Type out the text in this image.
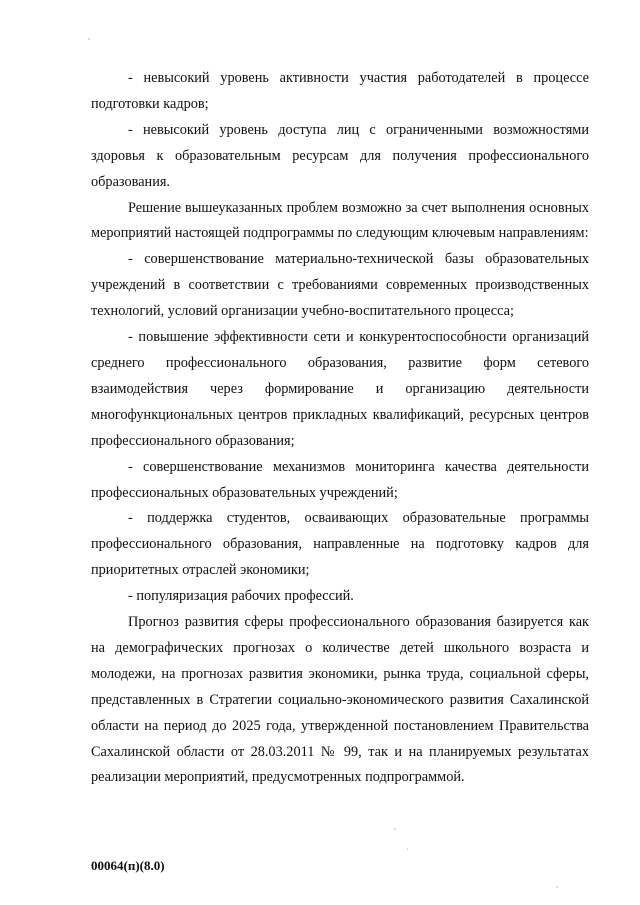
- невысокий уровень активности участия работодателей в процессе подготовки кадров;

- невысокий уровень доступа лиц с ограниченными возможностями здоровья к образовательным ресурсам для получения профессионального образования.

Решение вышеуказанных проблем возможно за счет выполнения основных мероприятий настоящей подпрограммы по следующим ключевым направлениям:

- совершенствование материально-технической базы образовательных учреждений в соответствии с требованиями современных производственных технологий, условий организации учебно-воспитательного процесса;

- повышение эффективности сети и конкурентоспособности организаций среднего профессионального образования, развитие форм сетевого взаимодействия через формирование и организацию деятельности многофункциональных центров прикладных квалификаций, ресурсных центров профессионального образования;

- совершенствование механизмов мониторинга качества деятельности профессиональных образовательных учреждений;

- поддержка студентов, осваивающих образовательные программы профессионального образования, направленные на подготовку кадров для приоритетных отраслей экономики;

- популяризация рабочих профессий.

Прогноз развития сферы профессионального образования базируется как на демографических прогнозах о количестве детей школьного возраста и молодежи, на прогнозах развития экономики, рынка труда, социальной сферы, представленных в Стратегии социально-экономического развития Сахалинской области на период до 2025 года, утвержденной постановлением Правительства Сахалинской области от 28.03.2011 № 99, так и на планируемых результатах реализации мероприятий, предусмотренных подпрограммой.

00064(п)(8.0)
